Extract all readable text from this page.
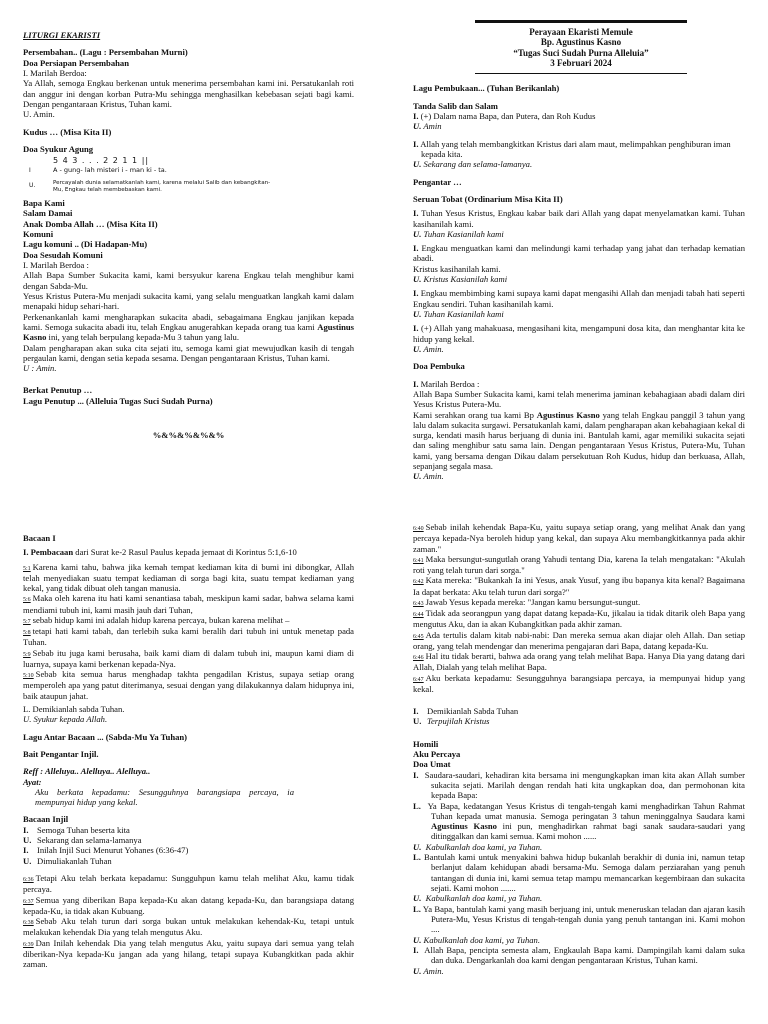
LITURGI EKARISTI

Persembahan.. (Lagu : Persembahan Murni)

Doa Persiapan Persembahan

I. Marilah Berdoa:

Ya Allah, semoga Engkau berkenan untuk menerima persembahan kami ini. Persatukanlah roti dan anggur ini dengan korban Putra-Mu sehingga menghasilkan kebebasan sejati bagi kami. Dengan pengantaraan Kristus, Tuhan kami.

U. Amin.

Kudus … (Misa Kita II)

Doa Syukur Agung

5 4 3 . . . 2 2 1 1 ||
I	A - gung- lah misteri i - man ki - ta.
U.	Percayalah dunia selamatkanlah kami, karena melalui Salib dan kebangkitan-Mu, Engkau telah membebaskan kami.

Bapa Kami

Salam Damai

Anak Domba Allah … (Misa Kita II)

Komuni

Lagu komuni .. (Di Hadapan-Mu)

Doa Sesudah Komuni

I. Marilah Berdoa :

Allah Bapa Sumber Sukacita kami, kami bersyukur karena Engkau telah menghibur kami dengan Sabda-Mu.

Yesus Kristus Putera-Mu menjadi sukacita kami, yang selalu menguatkan langkah kami dalam menapaki hidup sehari-hari.

Perkenankanlah kami mengharapkan sukacita abadi, sebagaimana Engkau janjikan kepada kami. Semoga sukacita abadi itu, telah Engkau anugerahkan kepada orang tua kami Agustinus Kasno ini, yang telah berpulang kepada-Mu 3 tahun yang lalu.

Dalam pengharapan akan suka cita sejati itu, semoga kami giat mewujudkan kasih di tengah pergaulan kami, dengan setia kepada sesama. Dengan pengantaraan Kristus, Tuhan kami.

U : Amin.

Berkat Penutup …

Lagu Penutup ... (Alleluia Tugas Suci Sudah Purna)

%&%&%&%&%

Perayaan Ekaristi Memule

Bp. Agustinus Kasno

“Tugas Suci Sudah Purna Alleluia”

3 Februari 2024

Lagu Pembukaan... (Tuhan Berikanlah)

Tanda Salib dan Salam

I. (+) Dalam nama Bapa, dan Putera, dan Roh Kudus

U. Amin

I. Allah yang telah membangkitkan Kristus dari alam maut, melimpahkan penghiburan iman kepada kita.

U. Sekarang dan selama-lamanya.

Pengantar …

Seruan Tobat (Ordinarium Misa Kita II)

I. Tuhan Yesus Kristus, Engkau kabar baik dari Allah yang dapat menyelamatkan kami. Tuhan kasihanilah kami.

U. Tuhan Kasianilah kami

I. Engkau menguatkan kami dan melindungi kami terhadap yang jahat dan terhadap kematian abadi.

Kristus kasihanilah kami.

U. Kristus Kasianilah kami

I. Engkau membimbing kami supaya kami dapat mengasihi Allah dan menjadi tabah hati seperti Engkau sendiri. Tuhan kasihanilah kami.

U. Tuhan Kasianilah kami

I. (+) Allah yang mahakuasa, mengasihani kita, mengampuni dosa kita, dan menghantar kita ke hidup yang kekal.

U. Amin.

Doa Pembuka

I. Marilah Berdoa :

Allah Bapa Sumber Sukacita kami, kami telah menerima jaminan kebahagiaan abadi dalam diri Yesus Kristus Putera-Mu.

Kami serahkan orang tua kami Bp Agustinus Kasno yang telah Engkau panggil 3 tahun yang lalu dalam sukacita surgawi. Persatukanlah kami, dalam pengharapan akan kebahagiaan kekal di surga, kendati masih harus berjuang di dunia ini. Bantulah kami, agar memiliki sukacita sejati dan saling menghibur satu sama lain. Dengan pengantaraan Yesus Kristus, Putera-Mu, Tuhan kami, yang bersama dengan Dikau dalam persekutuan Roh Kudus, hidup dan berkuasa, Allah, sepanjang segala masa.

U. Amin.

Bacaan I

I. Pembacaan dari Surat ke-2 Rasul Paulus kepada jemaat di Korintus 5:1,6-10

5:1 Karena kami tahu, bahwa jika kemah tempat kediaman kita di bumi ini dibongkar, Allah telah menyediakan suatu tempat kediaman di sorga bagi kita, suatu tempat kediaman yang kekal, yang tidak dibuat oleh tangan manusia.

5:6 Maka oleh karena itu hati kami senantiasa tabah, meskipun kami sadar, bahwa selama kami mendiami tubuh ini, kami masih jauh dari Tuhan,

5:7 sebab hidup kami ini adalah hidup karena percaya, bukan karena melihat –

5:8 tetapi hati kami tabah, dan terlebih suka kami beralih dari tubuh ini untuk menetap pada Tuhan.

5:9 Sebab itu juga kami berusaha, baik kami diam di dalam tubuh ini, maupun kami diam di luarnya, supaya kami berkenan kepada-Nya.

5:10 Sebab kita semua harus menghadap takhta pengadilan Kristus, supaya setiap orang memperoleh apa yang patut diterimanya, sesuai dengan yang dilakukannya dalam hidupnya ini, baik ataupun jahat.

L. Demikianlah sabda Tuhan.

U. Syukur kepada Allah.

Lagu Antar Bacaan ... (Sabda-Mu Ya Tuhan)

Bait Pengantar Injil.

Reff : Alleluya.. Alelluya.. Alelluya..

Ayat:

Aku berkata kepadamu: Sesungguhnya barangsiapa percaya, ia mempunyai hidup yang kekal.

Bacaan Injil

I. Semoga Tuhan beserta kita
U. Sekarang dan selama-lamanya
I. Inilah Injil Suci Menurut Yohanes (6:36-47)
U. Dimuliakanlah Tuhan

6:36 Tetapi Aku telah berkata kepadamu: Sungguhpun kamu telah melihat Aku, kamu tidak percaya.

6:37 Semua yang diberikan Bapa kepada-Ku akan datang kepada-Ku, dan barangsiapa datang kepada-Ku, ia tidak akan Kubuang.

6:38 Sebab Aku telah turun dari sorga bukan untuk melakukan kehendak-Ku, tetapi untuk melakukan kehendak Dia yang telah mengutus Aku.

6:39 Dan Inilah kehendak Dia yang telah mengutus Aku, yaitu supaya dari semua yang telah diberikan-Nya kepada-Ku jangan ada yang hilang, tetapi supaya Kubangkitkan pada akhir zaman.

6:40 Sebab inilah kehendak Bapa-Ku, yaitu supaya setiap orang, yang melihat Anak dan yang percaya kepada-Nya beroleh hidup yang kekal, dan supaya Aku membangkitkannya pada akhir zaman."

6:41 Maka bersungut-sungutlah orang Yahudi tentang Dia, karena Ia telah mengatakan: "Akulah roti yang telah turun dari sorga."

6:42 Kata mereka: "Bukankah Ia ini Yesus, anak Yusuf, yang ibu bapanya kita kenal? Bagaimana Ia dapat berkata: Aku telah turun dari sorga?"

6:43 Jawab Yesus kepada mereka: "Jangan kamu bersungut-sungut.

6:44 Tidak ada seorangpun yang dapat datang kepada-Ku, jikalau ia tidak ditarik oleh Bapa yang mengutus Aku, dan ia akan Kubangkitkan pada akhir zaman.

6:45 Ada tertulis dalam kitab nabi-nabi: Dan mereka semua akan diajar oleh Allah. Dan setiap orang, yang telah mendengar dan menerima pengajaran dari Bapa, datang kepada-Ku.

6:46 Hal itu tidak berarti, bahwa ada orang yang telah melihat Bapa. Hanya Dia yang datang dari Allah, Dialah yang telah melihat Bapa.

6:47 Aku berkata kepadamu: Sesungguhnya barangsiapa percaya, ia mempunyai hidup yang kekal.

I. Demikianlah Sabda Tuhan
U. Terpujilah Kristus

Homili

Aku Percaya

Doa Umat

I. Saudara-saudari, kehadiran kita bersama ini mengungkapkan iman kita akan Allah sumber sukacita sejati. Marilah dengan rendah hati kita ungkapkan doa, dan permohonan kita kepada Bapa:

L. Ya Bapa, kedatangan Yesus Kristus di tengah-tengah kami menghadirkan Tahun Rahmat Tuhan kepada umat manusia. Semoga peringatan 3 tahun meninggalnya Saudara kami Agustinus Kasno ini pun, menghadirkan rahmat bagi sanak saudara-saudari yang ditinggalkan dan kami semua. Kami mohon ......

U. Kabulkanlah doa kami, ya Tuhan.

L. Bantulah kami untuk menyakini bahwa hidup bukanlah berakhir di dunia ini, namun tetap berlanjut dalam kehidupan abadi bersama-Mu. Semoga dalam perziarahan yang penuh tantangan di dunia ini, kami semua tetap mampu memancarkan kegembiraan dan sukacita sejati. Kami mohon .......

U. Kabulkanlah doa kami, ya Tuhan.

L. Ya Bapa, bantulah kami yang masih berjuang ini, untuk meneruskan teladan dan ajaran kasih Putera-Mu, Yesus Kristus di tengah-tengah dunia yang penuh tantangan ini. Kami mohon ....

U. Kabulkanlah doa kami, ya Tuhan.

I. Allah Bapa, pencipta semesta alam, Engkaulah Bapa kami. Dampingilah kami dalam suka dan duka. Dengarkanlah doa kami dengan pengantaraan Kristus, Tuhan kami.

U. Amin.
